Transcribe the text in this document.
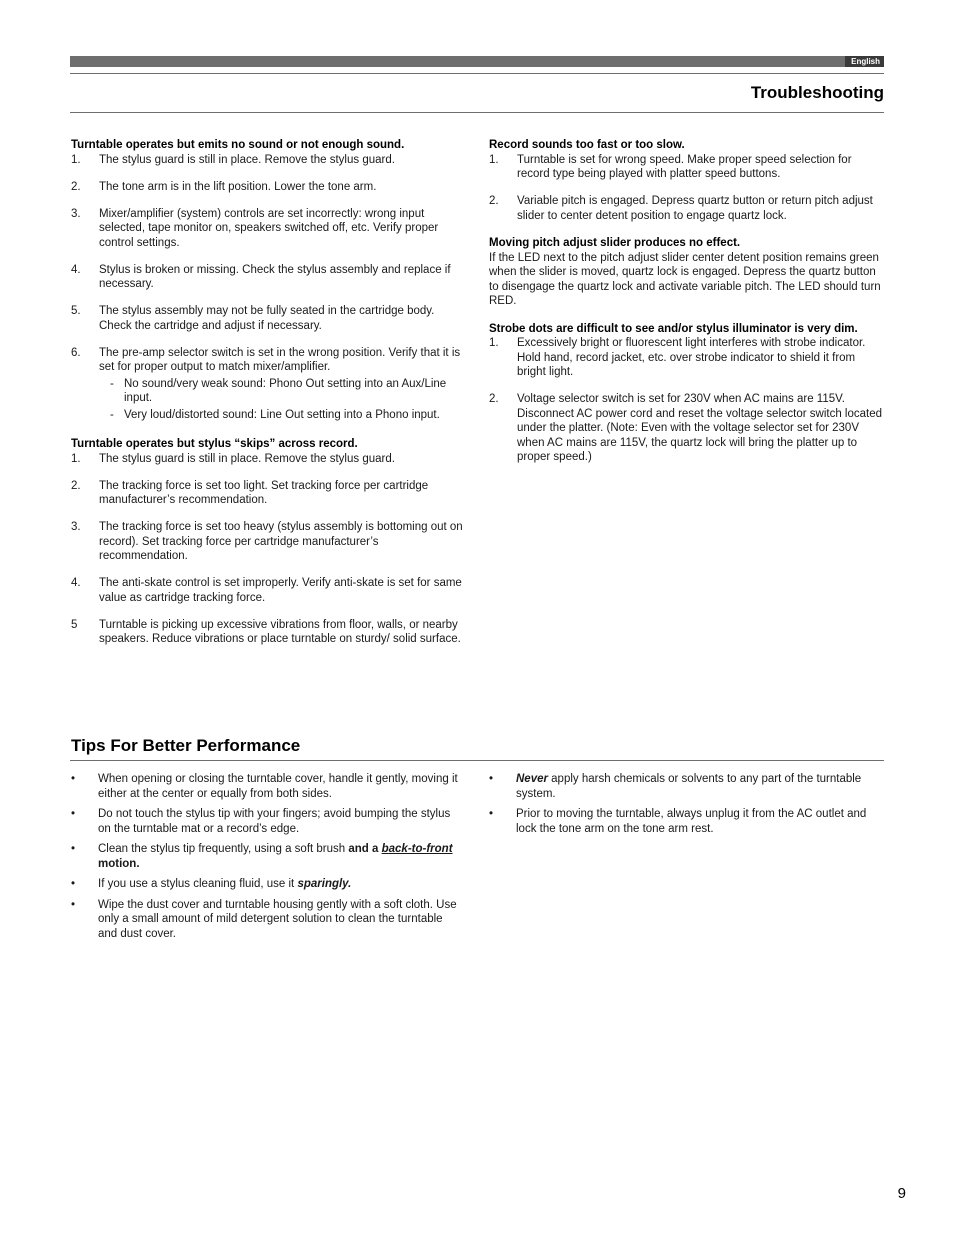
English
Troubleshooting

Turntable operates but emits no sound or not enough sound.

1.	The stylus guard is still in place. Remove the stylus guard.
2.	The tone arm is in the lift position. Lower the tone arm.
3.	Mixer/amplifier (system) controls are set incorrectly: wrong input selected, tape monitor on, speakers switched off, etc. Verify proper control settings.
4.	Stylus is broken or missing. Check the stylus assembly and replace if necessary.
5.	The stylus assembly may not be fully seated in the cartridge body. Check the cartridge and adjust if necessary.
6.	The pre-amp selector switch is set in the wrong position. Verify that it is set for proper output to match mixer/amplifier.
- No sound/very weak sound: Phono Out setting into an Aux/Line input.
- Very loud/distorted sound: Line Out setting into a Phono input.

Turntable operates but stylus “skips” across record.

1.	The stylus guard is still in place. Remove the stylus guard.
2.	The tracking force is set too light. Set tracking force per cartridge manufacturer’s recommendation.
3.	The tracking force is set too heavy (stylus assembly is bottoming out on record). Set tracking force per cartridge manufacturer’s recommendation.
4.	The anti-skate control is set improperly. Verify anti-skate is set for same value as cartridge tracking force.
5	Turntable is picking up excessive vibrations from floor, walls, or nearby speakers. Reduce vibrations or place turntable on sturdy/ solid surface.

Record sounds too fast or too slow.

1.	Turntable is set for wrong speed. Make proper speed selection for record type being played with platter speed buttons.
2.	Variable pitch is engaged. Depress quartz button or return pitch adjust slider to center detent position to engage quartz lock.

Moving pitch adjust slider produces no effect.

If the LED next to the pitch adjust slider center detent position remains green when the slider is moved, quartz lock is engaged. Depress the quartz button to disengage the quartz lock and activate variable pitch. The LED should turn RED.

Strobe dots are difficult to see and/or stylus illuminator is very dim.

1.	Excessively bright or fluorescent light interferes with strobe indicator. Hold hand, record jacket, etc. over strobe indicator to shield it from bright light.
2.	Voltage selector switch is set for 230V when AC mains are 115V. Disconnect AC power cord and reset the voltage selector switch located under the platter. (Note: Even with the voltage selector set for 230V when AC mains are 115V, the quartz lock will bring the platter up to proper speed.)
Tips For Better Performance
•	When opening or closing the turntable cover, handle it gently, moving it either at the center or equally from both sides.
•	Do not touch the stylus tip with your fingers; avoid bumping the stylus on the turntable mat or a record’s edge.
•	Clean the stylus tip frequently, using a soft brush and a back-to-front motion.
•	If you use a stylus cleaning fluid, use it sparingly.
•	Wipe the dust cover and turntable housing gently with a soft cloth. Use only a small amount of mild detergent solution to clean the turntable and dust cover.
•	Never apply harsh chemicals or solvents to any part of the turntable system.
•	Prior to moving the turntable, always unplug it from the AC outlet and lock the tone arm on the tone arm rest.
9
